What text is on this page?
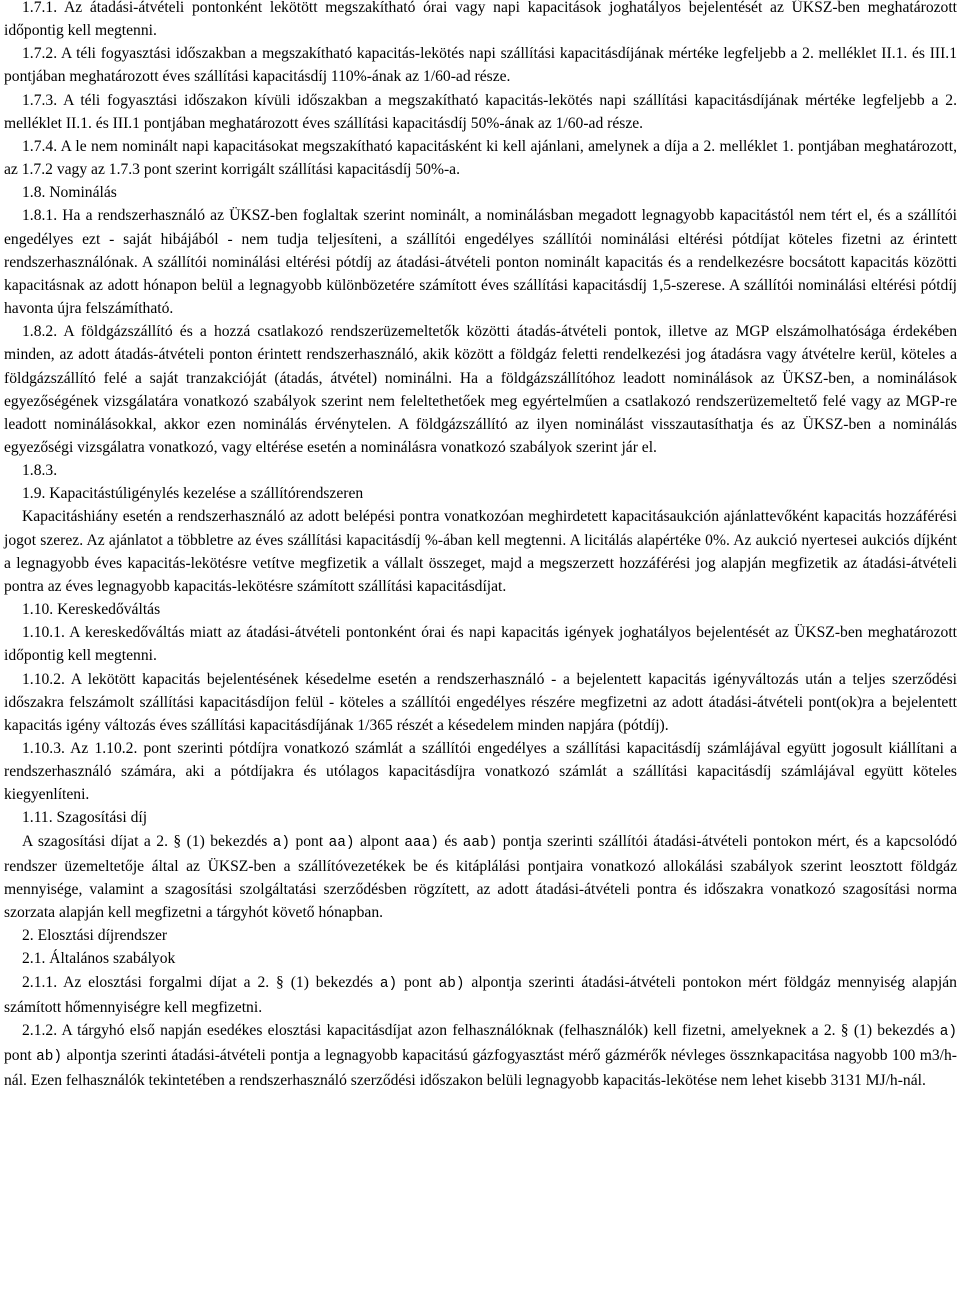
1.7.1. Az átadási-átvételi pontonként lekötött megszakítható órai vagy napi kapacitások joghatályos bejelentését az ÜKSZ-ben meghatározott időpontig kell megtenni.

1.7.2. A téli fogyasztási időszakban a megszakítható kapacitás-lekötés napi szállítási kapacitásdíjának mértéke legfeljebb a 2. melléklet II.1. és III.1 pontjában meghatározott éves szállítási kapacitásdíj 110%-ának az 1/60-ad része.

1.7.3. A téli fogyasztási időszakon kívüli időszakban a megszakítható kapacitás-lekötés napi szállítási kapacitásdíjának mértéke legfeljebb a 2. melléklet II.1. és III.1 pontjában meghatározott éves szállítási kapacitásdíj 50%-ának az 1/60-ad része.

1.7.4. A le nem nominált napi kapacitásokat megszakítható kapacitásként ki kell ajánlani, amelynek a díja a 2. melléklet 1. pontjában meghatározott, az 1.7.2 vagy az 1.7.3 pont szerint korrigált szállítási kapacitásdíj 50%-a.

1.8. Nominálás

1.8.1. Ha a rendszerhasználó az ÜKSZ-ben foglaltak szerint nominált, a nominálásban megadott legnagyobb kapacitástól nem tért el, és a szállítói engedélyes ezt - saját hibájából - nem tudja teljesíteni, a szállítói engedélyes szállítói nominálási eltérési pótdíjat köteles fizetni az érintett rendszerhasználónak. A szállítói nominálási eltérési pótdíj az átadási-átvételi ponton nominált kapacitás és a rendelkezésre bocsátott kapacitás közötti kapacitásnak az adott hónapon belül a legnagyobb különbözetére számított éves szállítási kapacitásdíj 1,5-szerese. A szállítói nominálási eltérési pótdíj havonta újra felszámítható.

1.8.2. A földgázszállító és a hozzá csatlakozó rendszerüzemeltetők közötti átadás-átvételi pontok, illetve az MGP elszámolhatósága érdekében minden, az adott átadás-átvételi ponton érintett rendszerhasználó, akik között a földgáz feletti rendelkezési jog átadásra vagy átvételre kerül, köteles a földgázszállító felé a saját tranzakcióját (átadás, átvétel) nominálni. Ha a földgázszállítóhoz leadott nominálások az ÜKSZ-ben, a nominálások egyezőségének vizsgálatára vonatkozó szabályok szerint nem feleltethetőek meg egyértelműen a csatlakozó rendszerüzemeltető felé vagy az MGP-re leadott nominálásokkal, akkor ezen nominálás érvénytelen. A földgázszállító az ilyen nominálást visszautasíthatja és az ÜKSZ-ben a nominálás egyezőségi vizsgálatra vonatkozó, vagy eltérése esetén a nominálásra vonatkozó szabályok szerint jár el.

1.8.3.

1.9. Kapacitástúligénylés kezelése a szállítórendszeren

Kapacitáshiány esetén a rendszerhasználó az adott belépési pontra vonatkozóan meghirdetett kapacitásaukción ajánlattevőként kapacitás hozzáférési jogot szerez. Az ajánlatot a többletre az éves szállítási kapacitásdíj %-ában kell megtenni. A licitálás alapértéke 0%. Az aukció nyertesei aukciós díjként a legnagyobb éves kapacitás-lekötésre vetítve megfizetik a vállalt összeget, majd a megszerzett hozzáférési jog alapján megfizetik az átadási-átvételi pontra az éves legnagyobb kapacitás-lekötésre számított szállítási kapacitásdíjat.

1.10. Kereskedőváltás

1.10.1. A kereskedőváltás miatt az átadási-átvételi pontonként órai és napi kapacitás igények joghatályos bejelentését az ÜKSZ-ben meghatározott időpontig kell megtenni.

1.10.2. A lekötött kapacitás bejelentésének késedelme esetén a rendszerhasználó - a bejelentett kapacitás igényváltozás után a teljes szerződési időszakra felszámolt szállítási kapacitásdíjon felül - köteles a szállítói engedélyes részére megfizetni az adott átadási-átvételi pont(ok)ra a bejelentett kapacitás igény változás éves szállítási kapacitásdíjának 1/365 részét a késedelem minden napjára (pótdíj).

1.10.3. Az 1.10.2. pont szerinti pótdíjra vonatkozó számlát a szállítói engedélyes a szállítási kapacitásdíj számlájával együtt jogosult kiállítani a rendszerhasználó számára, aki a pótdíjakra és utólagos kapacitásdíjra vonatkozó számlát a szállítási kapacitásdíj számlájával együtt köteles kiegyenlíteni.

1.11. Szagosítási díj

A szagosítási díjat a 2. § (1) bekezdés a) pont aa) alpont aaa) és aab) pontja szerinti szállítói átadási-átvételi pontokon mért, és a kapcsolódó rendszer üzemeltetője által az ÜKSZ-ben a szállítóvezetékek be és kitáplálási pontjaira vonatkozó allokálási szabályok szerint leosztott földgáz mennyisége, valamint a szagosítási szolgáltatási szerződésben rögzített, az adott átadási-átvételi pontra és időszakra vonatkozó szagosítási norma szorzata alapján kell megfizetni a tárgyhót követő hónapban.

2. Elosztási díjrendszer

2.1. Általános szabályok

2.1.1. Az elosztási forgalmi díjat a 2. § (1) bekezdés a) pont ab) alpontja szerinti átadási-átvételi pontokon mért földgáz mennyiség alapján számított hőmennyiségre kell megfizetni.

2.1.2. A tárgyhó első napján esedékes elosztási kapacitásdíjat azon felhasználóknak (felhasználók) kell fizetni, amelyeknek a 2. § (1) bekezdés a) pont ab) alpontja szerinti átadási-átvételi pontja a legnagyobb kapacitású gázfogyasztást mérő gázmérők névleges össznkapacitása nagyobb 100 m3/h-nál. Ezen felhasználók tekintetében a rendszerhasználó szerződési időszakon belüli legnagyobb kapacitás-lekötése nem lehet kisebb 3131 MJ/h-nál.
